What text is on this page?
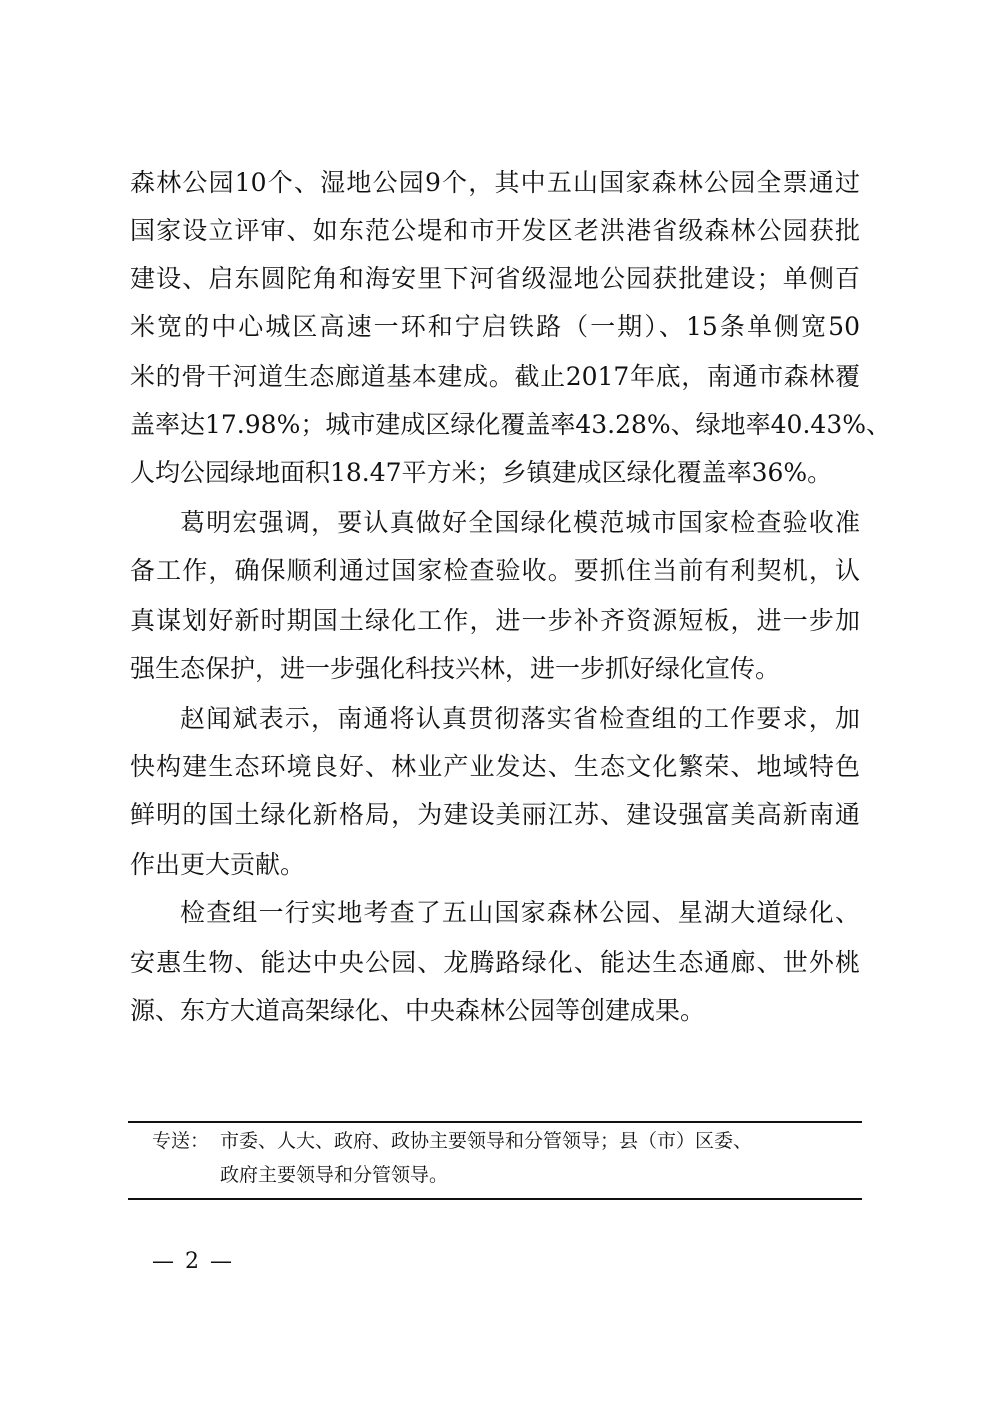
森林公园10个、湿地公园9个，其中五山国家森林公园全票通过
国家设立评审、如东范公堤和市开发区老洪港省级森林公园获批
建设、启东圆陀角和海安里下河省级湿地公园获批建设；单侧百
米宽的中心城区高速一环和宁启铁路（一期）、15条单侧宽50
米的骨干河道生态廊道基本建成。截止2017年底，南通市森林覆
盖率达17.98%；城市建成区绿化覆盖率43.28%、绿地率40.43%、
人均公园绿地面积18.47平方米；乡镇建成区绿化覆盖率36%。
葛明宏强调，要认真做好全国绿化模范城市国家检查验收准
备工作，确保顺利通过国家检查验收。要抓住当前有利契机，认
真谋划好新时期国土绿化工作，进一步补齐资源短板，进一步加
强生态保护，进一步强化科技兴林，进一步抓好绿化宣传。
赵闻斌表示，南通将认真贯彻落实省检查组的工作要求，加
快构建生态环境良好、林业产业发达、生态文化繁荣、地域特色
鲜明的国土绿化新格局，为建设美丽江苏、建设强富美高新南通
作出更大贡献。
检查组一行实地考查了五山国家森林公园、星湖大道绿化、
安惠生物、能达中央公园、龙腾路绿化、能达生态通廊、世外桃
源、东方大道高架绿化、中央森林公园等创建成果。
专送： 市委、人大、政府、政协主要领导和分管领导；县（市）区委、
政府主要领导和分管领导。
— 2 —
